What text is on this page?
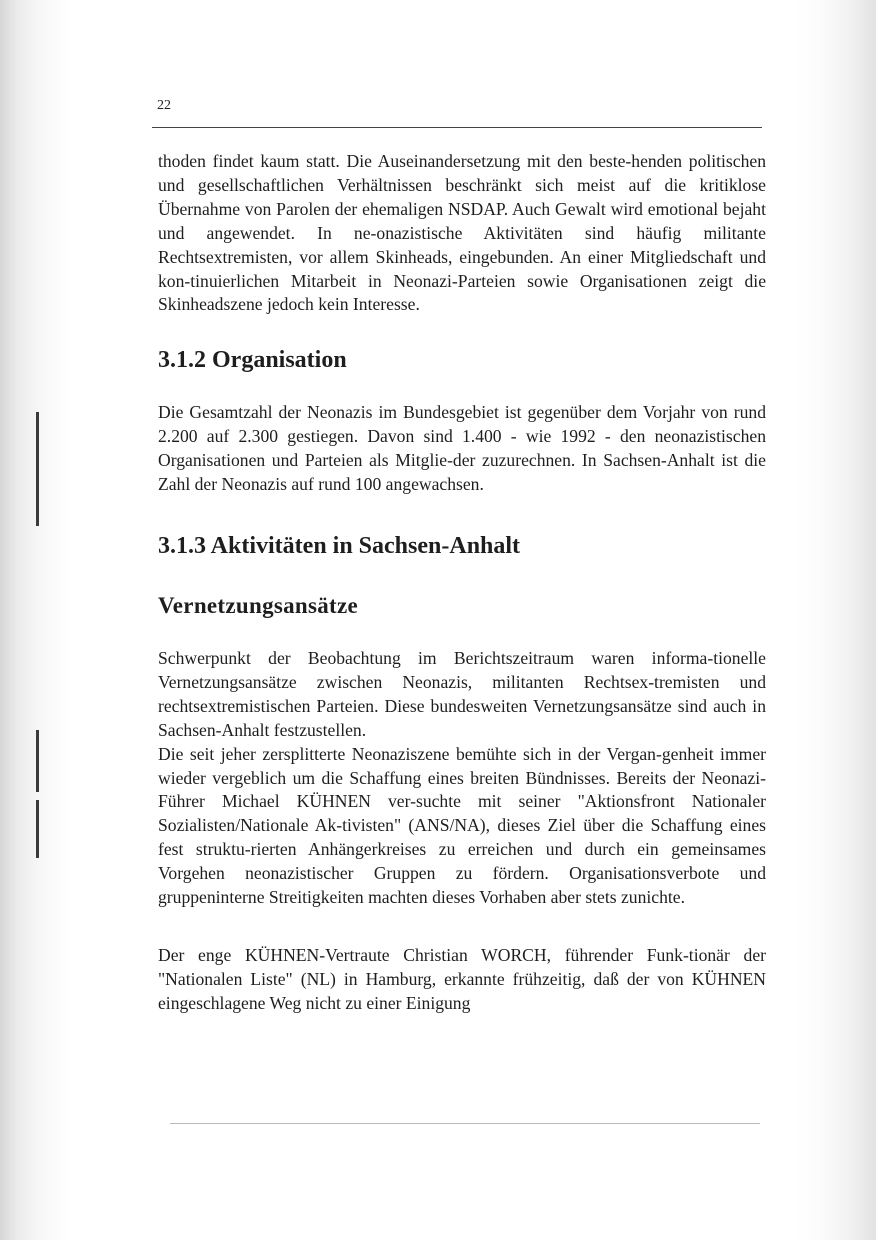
22

thoden findet kaum statt. Die Auseinandersetzung mit den beste-henden politischen und gesellschaftlichen Verhältnissen beschränkt sich meist auf die kritiklose Übernahme von Parolen der ehemaligen NSDAP. Auch Gewalt wird emotional bejaht und angewendet. In ne-onazistische Aktivitäten sind häufig militante Rechtsextremisten, vor allem Skinheads, eingebunden. An einer Mitgliedschaft und kon-tinuierlichen Mitarbeit in Neonazi-Parteien sowie Organisationen zeigt die Skinheadszene jedoch kein Interesse.

3.1.2 Organisation

Die Gesamtzahl der Neonazis im Bundesgebiet ist gegenüber dem Vorjahr von rund 2.200 auf 2.300 gestiegen. Davon sind 1.400 - wie 1992 - den neonazistischen Organisationen und Parteien als Mitglie-der zuzurechnen. In Sachsen-Anhalt ist die Zahl der Neonazis auf rund 100 angewachsen.

3.1.3 Aktivitäten in Sachsen-Anhalt
Vernetzungsansätze

Schwerpunkt der Beobachtung im Berichtszeitraum waren informa-tionelle Vernetzungsansätze zwischen Neonazis, militanten Rechtsex-tremisten und rechtsextremistischen Parteien. Diese bundesweiten Vernetzungsansätze sind auch in Sachsen-Anhalt festzustellen.

Die seit jeher zersplitterte Neonaziszene bemühte sich in der Vergan-genheit immer wieder vergeblich um die Schaffung eines breiten Bündnisses. Bereits der Neonazi-Führer Michael KÜHNEN ver-suchte mit seiner "Aktionsfront Nationaler Sozialisten/Nationale Ak-tivisten" (ANS/NA), dieses Ziel über die Schaffung eines fest struktu-rierten Anhängerkreises zu erreichen und durch ein gemeinsames Vorgehen neonazistischer Gruppen zu fördern. Organisationsverbote und gruppeninterne Streitigkeiten machten dieses Vorhaben aber stets zunichte.

Der enge KÜHNEN-Vertraute Christian WORCH, führender Funk-tionär der "Nationalen Liste" (NL) in Hamburg, erkannte frühzeitig, daß der von KÜHNEN eingeschlagene Weg nicht zu einer Einigung
